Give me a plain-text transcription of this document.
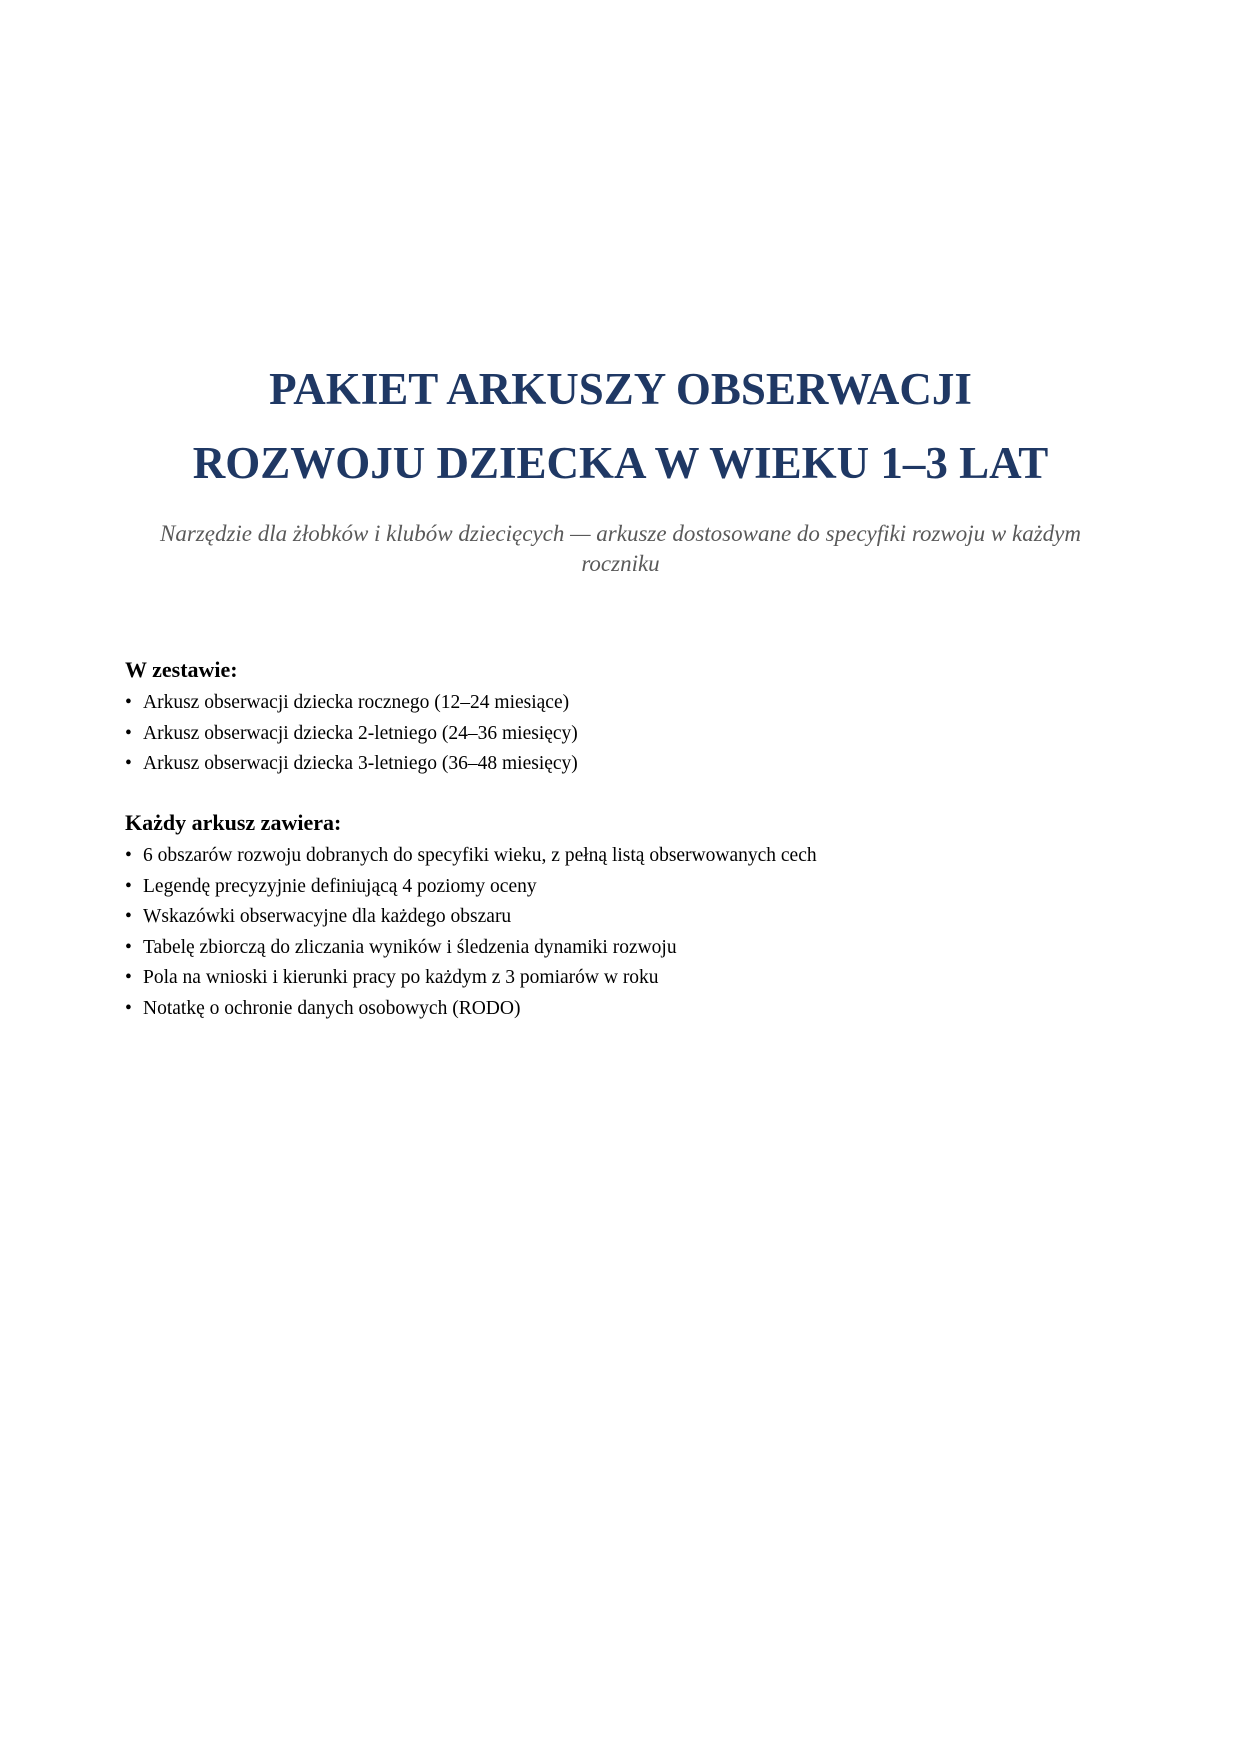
PAKIET ARKUSZY OBSERWACJI

ROZWOJU DZIECKA W WIEKU 1–3 LAT

Narzędzie dla żłobków i klubów dziecięcych — arkusze dostosowane do specyfiki rozwoju w każdym roczniku
W zestawie:
• Arkusz obserwacji dziecka rocznego (12–24 miesiące)
• Arkusz obserwacji dziecka 2-letniego (24–36 miesięcy)
• Arkusz obserwacji dziecka 3-letniego (36–48 miesięcy)
Każdy arkusz zawiera:
• 6 obszarów rozwoju dobranych do specyfiki wieku, z pełną listą obserwowanych cech
• Legendę precyzyjnie definiującą 4 poziomy oceny
• Wskazówki obserwacyjne dla każdego obszaru
• Tabelę zbiorczą do zliczania wyników i śledzenia dynamiki rozwoju
• Pola na wnioski i kierunki pracy po każdym z 3 pomiarów w roku
• Notatkę o ochronie danych osobowych (RODO)
